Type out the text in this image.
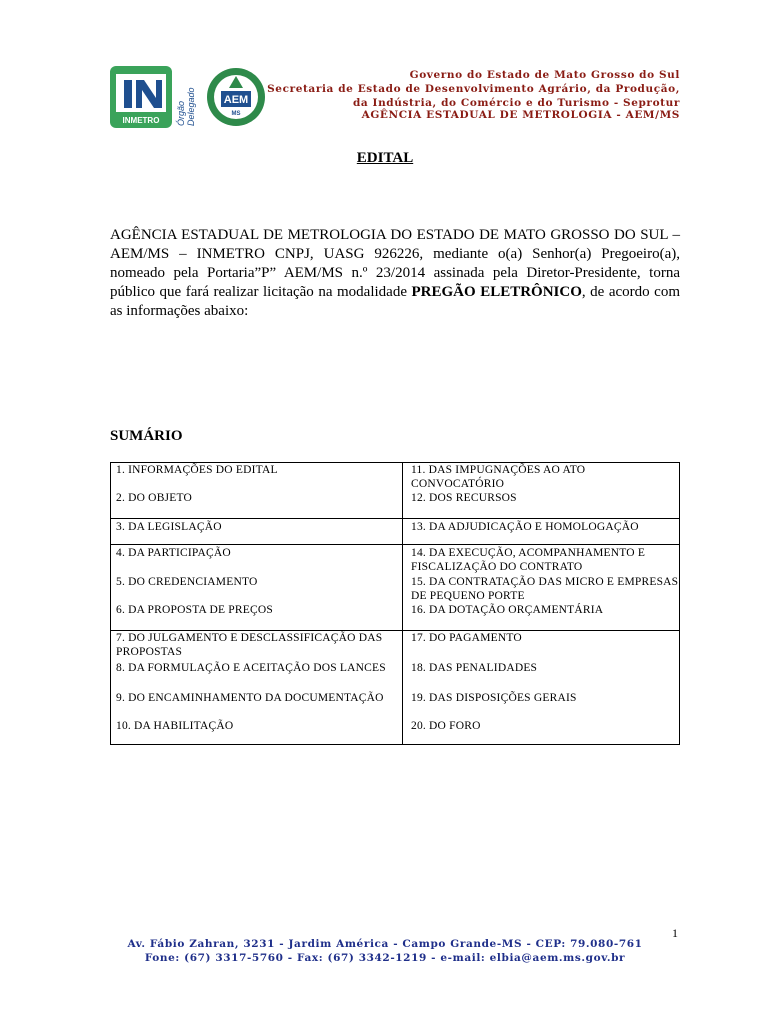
INMETRO Órgão Delegado	AEM
MS
Governo do Estado de Mato Grosso do Sul
Secretaria de Estado de Desenvolvimento Agrário, da Produção,
da Indústria, do Comércio e do Turismo - Seprotur
AGÊNCIA ESTADUAL DE METROLOGIA - AEM/MS
EDITAL
AGÊNCIA ESTADUAL DE METROLOGIA DO ESTADO DE MATO GROSSO DO SUL – AEM/MS – INMETRO CNPJ, UASG 926226, mediante o(a) Senhor(a) Pregoeiro(a), nomeado pela Portaria”P” AEM/MS n.º 23/2014 assinada pela Diretor-Presidente, torna público que fará realizar licitação na modalidade PREGÃO ELETRÔNICO, de acordo com as informações abaixo:
SUMÁRIO
1. INFORMAÇÕES DO EDITAL
2. DO OBJETO
3. DA LEGISLAÇÃO
4. DA PARTICIPAÇÃO
5. DO CREDENCIAMENTO
6. DA PROPOSTA DE PREÇOS
7. DO JULGAMENTO E DESCLASSIFICAÇÃO DAS PROPOSTAS
8. DA FORMULAÇÃO E ACEITAÇÃO DOS LANCES
9. DO ENCAMINHAMENTO DA DOCUMENTAÇÃO
10. DA HABILITAÇÃO
11. DAS IMPUGNAÇÕES AO ATO CONVOCATÓRIO
12. DOS RECURSOS
13. DA ADJUDICAÇÃO E HOMOLOGAÇÃO
14. DA EXECUÇÃO, ACOMPANHAMENTO E FISCALIZAÇÃO DO CONTRATO
15. DA CONTRATAÇÃO DAS MICRO E EMPRESAS DE PEQUENO PORTE
16. DA DOTAÇÃO ORÇAMENTÁRIA
17. DO PAGAMENTO
18. DAS PENALIDADES
19. DAS DISPOSIÇÕES GERAIS
20. DO FORO
1
Av. Fábio Zahran, 3231 - Jardim América - Campo Grande-MS - CEP: 79.080-761
Fone: (67) 3317-5760 - Fax: (67) 3342-1219 - e-mail: elbia@aem.ms.gov.br
